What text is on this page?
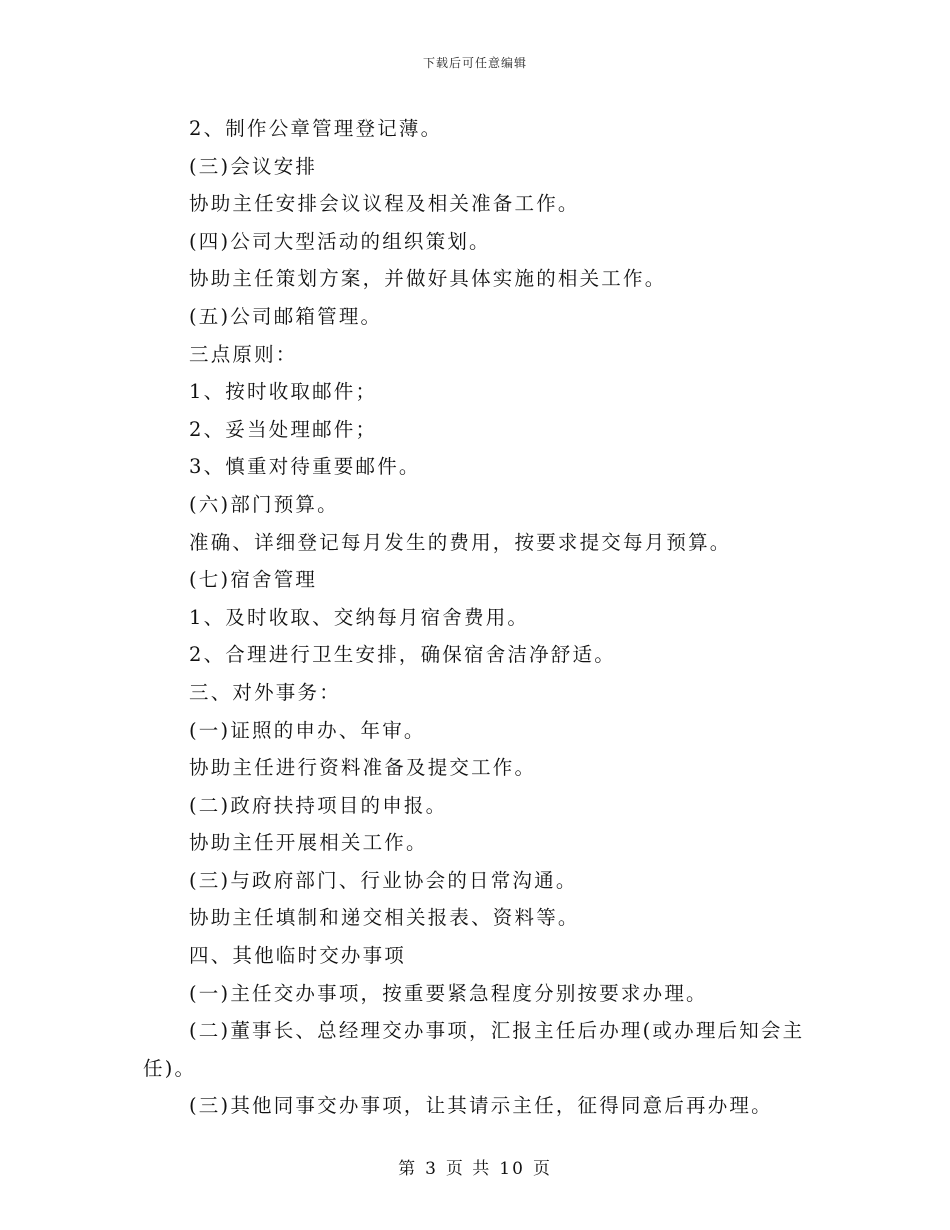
下载后可任意编辑
2、制作公章管理登记薄。
(三)会议安排
协助主任安排会议议程及相关准备工作。
(四)公司大型活动的组织策划。
协助主任策划方案，并做好具体实施的相关工作。
(五)公司邮箱管理。
三点原则：
1、按时收取邮件；
2、妥当处理邮件；
3、慎重对待重要邮件。
(六)部门预算。
准确、详细登记每月发生的费用，按要求提交每月预算。
(七)宿舍管理
1、及时收取、交纳每月宿舍费用。
2、合理进行卫生安排，确保宿舍洁净舒适。
三、对外事务：
(一)证照的申办、年审。
协助主任进行资料准备及提交工作。
(二)政府扶持项目的申报。
协助主任开展相关工作。
(三)与政府部门、行业协会的日常沟通。
协助主任填制和递交相关报表、资料等。
四、其他临时交办事项
(一)主任交办事项，按重要紧急程度分别按要求办理。
(二)董事长、总经理交办事项，汇报主任后办理(或办理后知会主任)。
(三)其他同事交办事项，让其请示主任，征得同意后再办理。
第 3 页 共 10 页
